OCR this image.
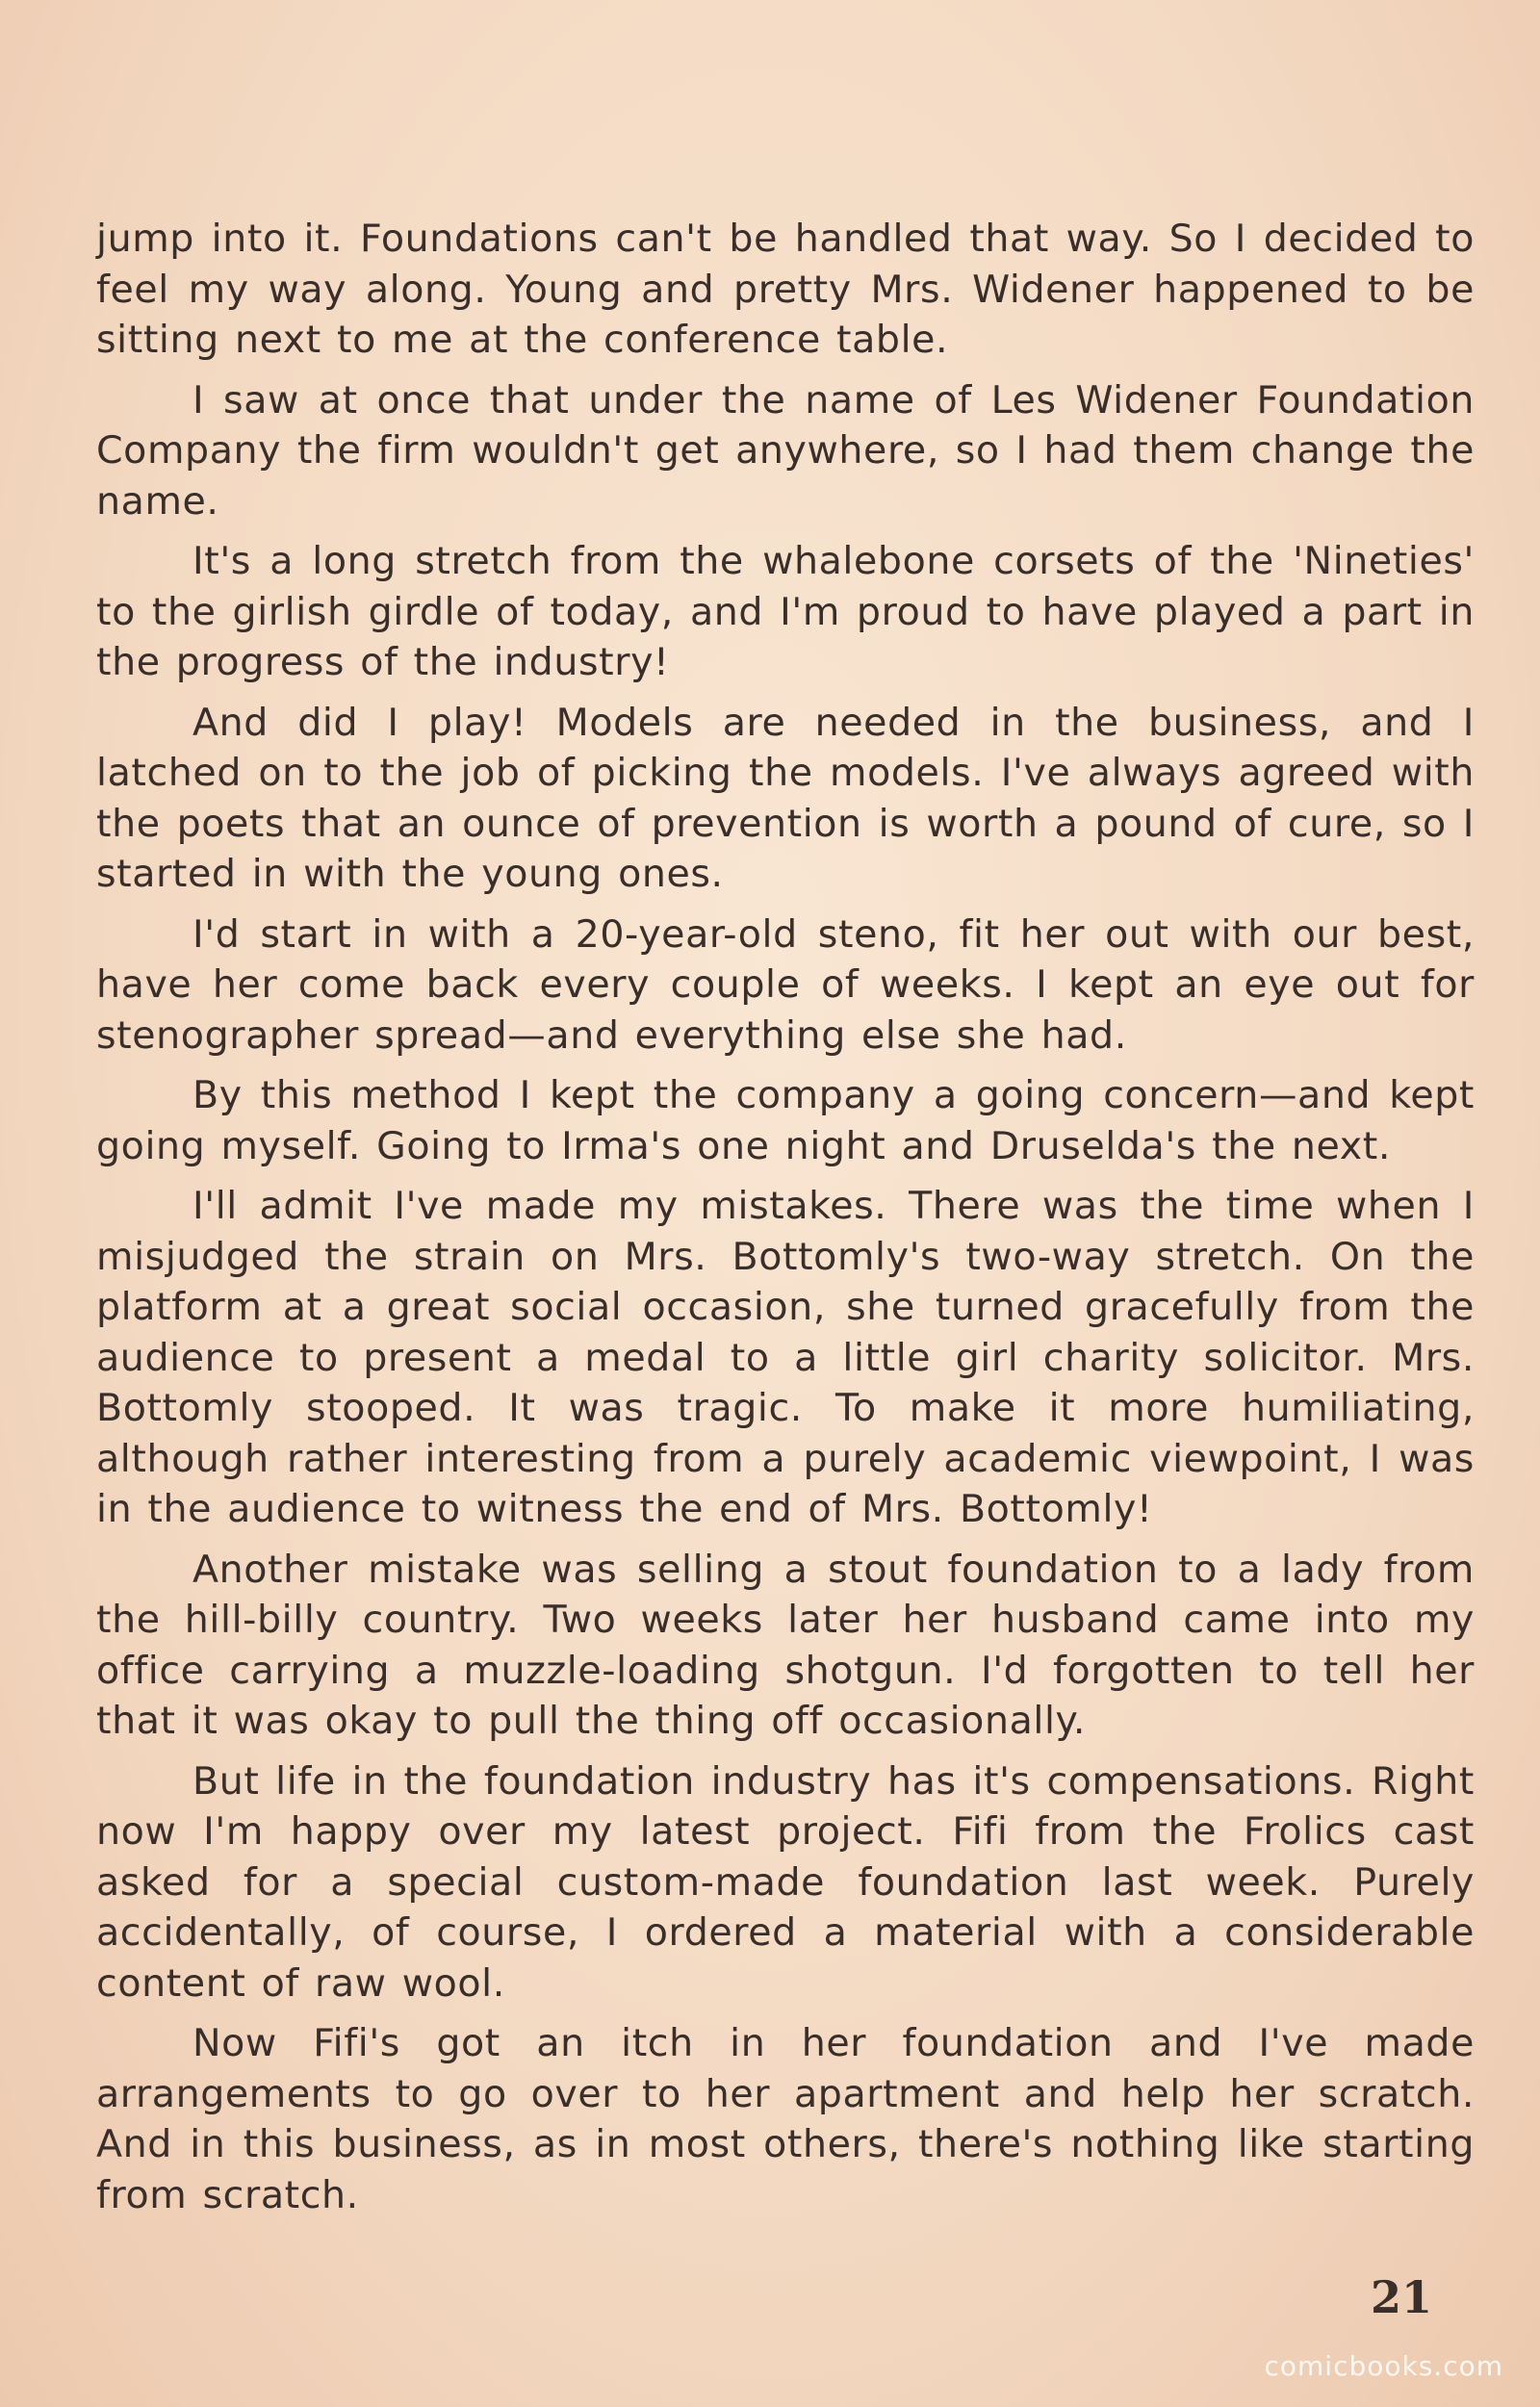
jump into it. Foundations can't be handled that way. So I decided to feel my way along. Young and pretty Mrs. Widener happened to be sitting next to me at the conference table.

I saw at once that under the name of Les Widener Foundation Company the firm wouldn't get anywhere, so I had them change the name.

It's a long stretch from the whalebone corsets of the 'Nineties' to the girlish girdle of today, and I'm proud to have played a part in the progress of the industry!

And did I play! Models are needed in the business, and I latched on to the job of picking the models. I've always agreed with the poets that an ounce of prevention is worth a pound of cure, so I started in with the young ones.

I'd start in with a 20-year-old steno, fit her out with our best, have her come back every couple of weeks. I kept an eye out for stenographer spread—and everything else she had.

By this method I kept the company a going concern—and kept going myself. Going to Irma's one night and Druselda's the next.

I'll admit I've made my mistakes. There was the time when I misjudged the strain on Mrs. Bottomly's two-way stretch. On the platform at a great social occasion, she turned gracefully from the audience to present a medal to a little girl charity solicitor. Mrs. Bottomly stooped. It was tragic. To make it more humiliating, although rather interesting from a purely academic viewpoint, I was in the audience to witness the end of Mrs. Bottomly!

Another mistake was selling a stout foundation to a lady from the hill-billy country. Two weeks later her husband came into my office carrying a muzzle-loading shotgun. I'd forgotten to tell her that it was okay to pull the thing off occasionally.

But life in the foundation industry has it's compensations. Right now I'm happy over my latest project. Fifi from the Frolics cast asked for a special custom-made foundation last week. Purely accidentally, of course, I ordered a material with a considerable content of raw wool.

Now Fifi's got an itch in her foundation and I've made arrangements to go over to her apartment and help her scratch. And in this business, as in most others, there's nothing like starting from scratch.

21
comicbooks.com
